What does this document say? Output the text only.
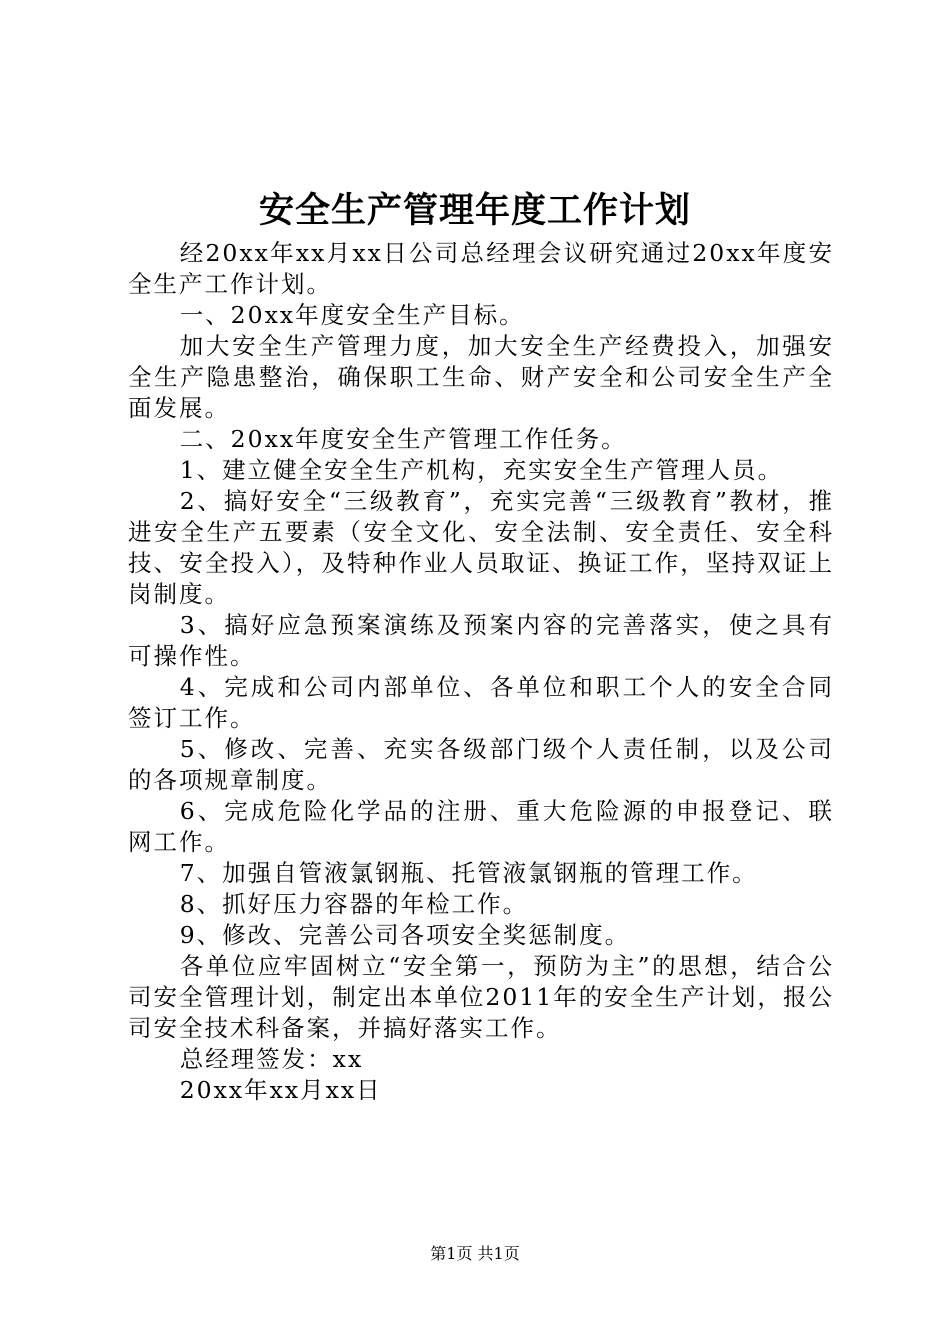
安全生产管理年度工作计划

经20xx年xx月xx日公司总经理会议研究通过20xx年度安全生产工作计划。

一、20xx年度安全生产目标。

加大安全生产管理力度，加大安全生产经费投入，加强安全生产隐患整治，确保职工生命、财产安全和公司安全生产全面发展。

二、20xx年度安全生产管理工作任务。

1、建立健全安全生产机构，充实安全生产管理人员。

2、搞好安全“三级教育”，充实完善“三级教育”教材，推进安全生产五要素（安全文化、安全法制、安全责任、安全科技、安全投入），及特种作业人员取证、换证工作，坚持双证上岗制度。

3、搞好应急预案演练及预案内容的完善落实，使之具有可操作性。

4、完成和公司内部单位、各单位和职工个人的安全合同签订工作。

5、修改、完善、充实各级部门级个人责任制，以及公司的各项规章制度。

6、完成危险化学品的注册、重大危险源的申报登记、联网工作。

7、加强自管液氯钢瓶、托管液氯钢瓶的管理工作。

8、抓好压力容器的年检工作。

9、修改、完善公司各项安全奖惩制度。

各单位应牢固树立“安全第一，预防为主”的思想，结合公司安全管理计划，制定出本单位2011年的安全生产计划，报公司安全技术科备案，并搞好落实工作。

总经理签发：xx

20xx年xx月xx日

第1页 共1页
